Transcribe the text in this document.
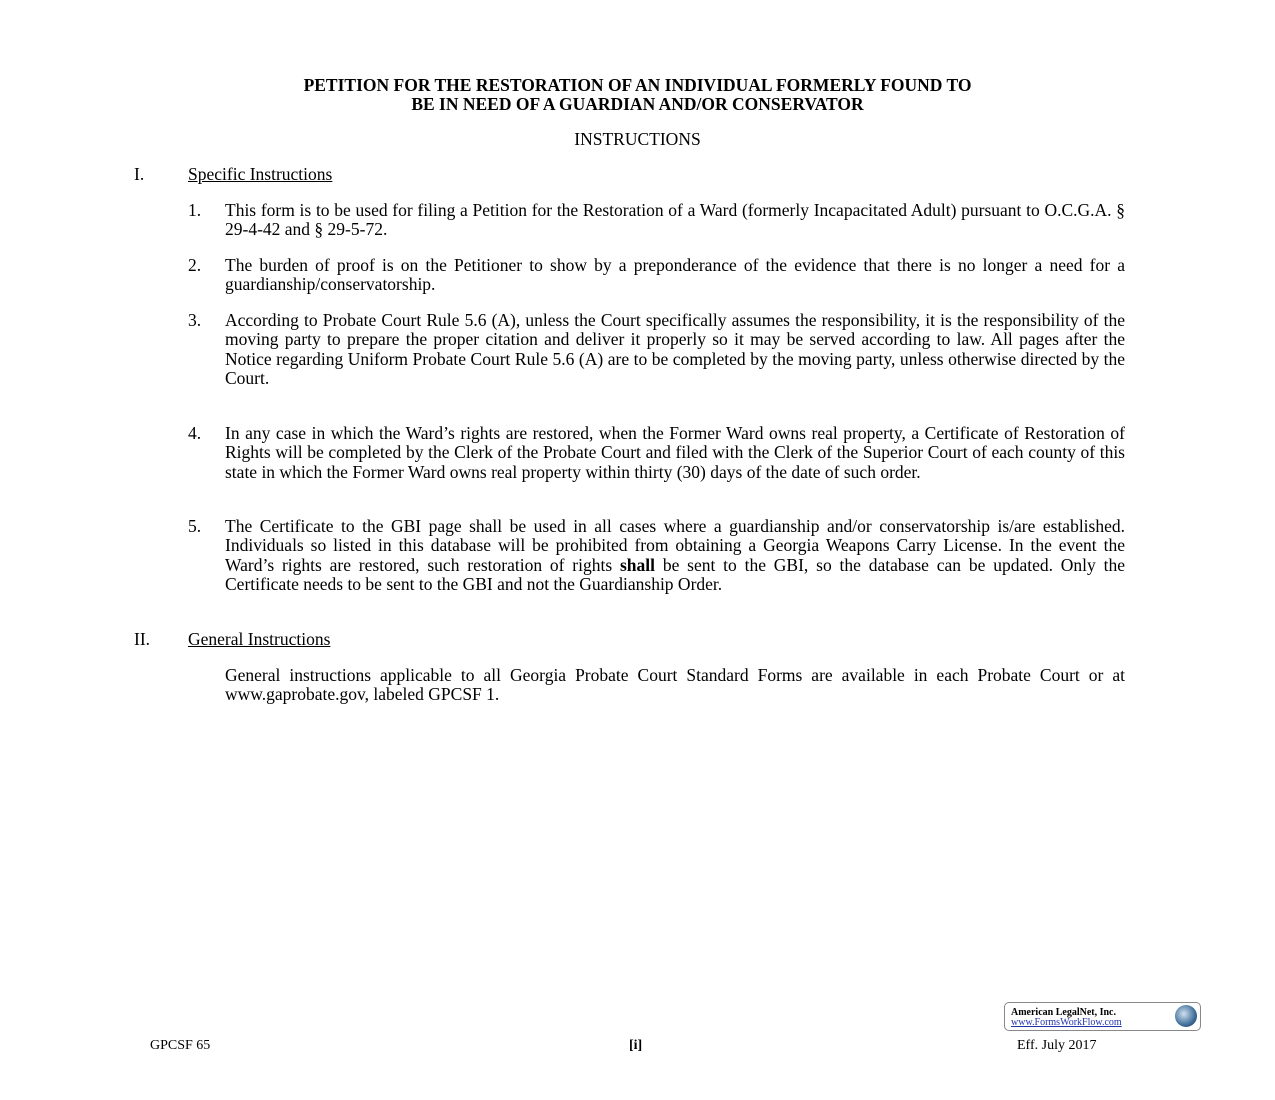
PETITION FOR THE RESTORATION OF AN INDIVIDUAL FORMERLY FOUND TO
BE IN NEED OF A GUARDIAN AND/OR CONSERVATOR
INSTRUCTIONS
I.	Specific Instructions
1. This form is to be used for filing a Petition for the Restoration of a Ward (formerly Incapacitated Adult) pursuant to O.C.G.A. § 29-4-42 and § 29-5-72.
2. The burden of proof is on the Petitioner to show by a preponderance of the evidence that there is no longer a need for a guardianship/conservatorship.
3. According to Probate Court Rule 5.6 (A), unless the Court specifically assumes the responsibility, it is the responsibility of the moving party to prepare the proper citation and deliver it properly so it may be served according to law. All pages after the Notice regarding Uniform Probate Court Rule 5.6 (A) are to be completed by the moving party, unless otherwise directed by the Court.
4. In any case in which the Ward’s rights are restored, when the Former Ward owns real property, a Certificate of Restoration of Rights will be completed by the Clerk of the Probate Court and filed with the Clerk of the Superior Court of each county of this state in which the Former Ward owns real property within thirty (30) days of the date of such order.
5. The Certificate to the GBI page shall be used in all cases where a guardianship and/or conservatorship is/are established. Individuals so listed in this database will be prohibited from obtaining a Georgia Weapons Carry License. In the event the Ward’s rights are restored, such restoration of rights shall be sent to the GBI, so the database can be updated. Only the Certificate needs to be sent to the GBI and not the Guardianship Order.
II. General Instructions
General instructions applicable to all Georgia Probate Court Standard Forms are available in each Probate Court or at www.gaprobate.gov, labeled GPCSF 1.
American LegalNet, Inc.
www.FormsWorkFlow.com
GPCSF 65	[i]	Eff. July 2017
